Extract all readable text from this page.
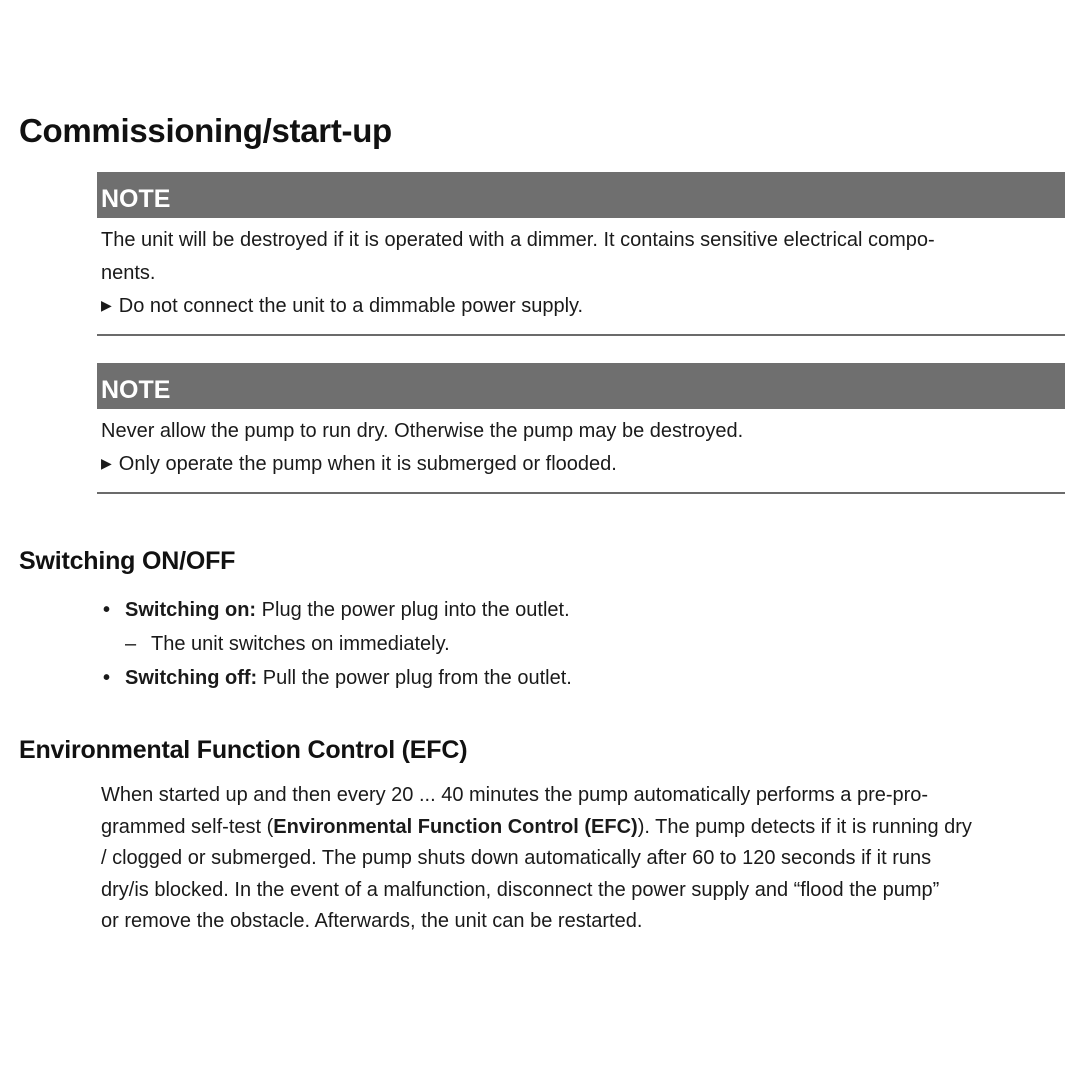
Commissioning/start-up
NOTE

The unit will be destroyed if it is operated with a dimmer. It contains sensitive electrical compo-

nents.

▶ Do not connect the unit to a dimmable power supply.

NOTE

Never allow the pump to run dry. Otherwise the pump may be destroyed.

▶ Only operate the pump when it is submerged or flooded.

Switching ON/OFF
• Switching on: Plug the power plug into the outlet.
– The unit switches on immediately.
• Switching off: Pull the power plug from the outlet.
Environmental Function Control (EFC)

When started up and then every 20 ... 40 minutes the pump automatically performs a pre-pro-
grammed self-test (Environmental Function Control (EFC)). The pump detects if it is running dry
/ clogged or submerged. The pump shuts down automatically after 60 to 120 seconds if it runs
dry/is blocked. In the event of a malfunction, disconnect the power supply and “flood the pump”
or remove the obstacle. Afterwards, the unit can be restarted.
